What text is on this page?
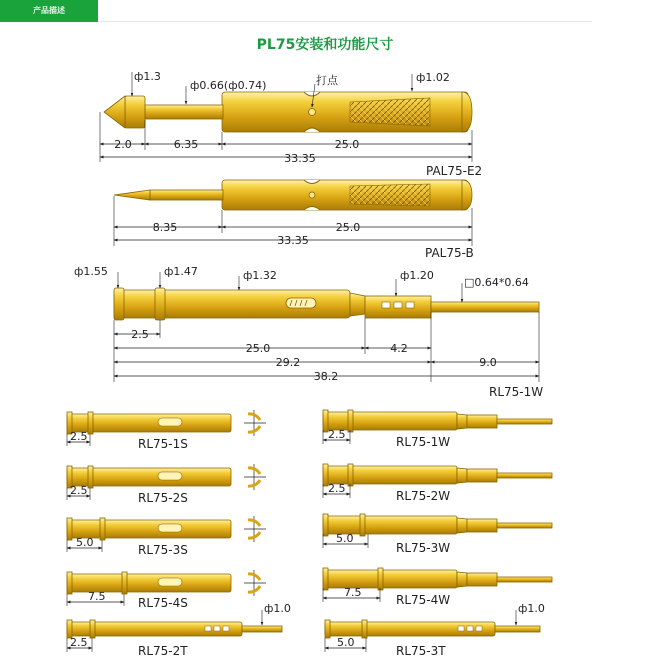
产品描述
PL75安装和功能尺寸
ф1.3
ф0.66(ф0.74)	打点	ф1.02
2.0	6.35	25.0
33.35
PAL75-E2
8.35	25.0
33.35
PAL75-B
ф1.55	ф1.47	ф1.32	ф1.20
□0.64*0.64
2.5
25.0	4.2
29.2	9.0
38.2
RL75-1W
2.5
RL75-1S
2.5
RL75-2S
5.0
RL75-3S
7.5	RL75-4S	ф1.0
2.5
RL75-2T
2.5
RL75-1W
2.5
RL75-2W
5.0
RL75-3W
7.5
RL75-4W
ф1.0
5.0
RL75-3T
